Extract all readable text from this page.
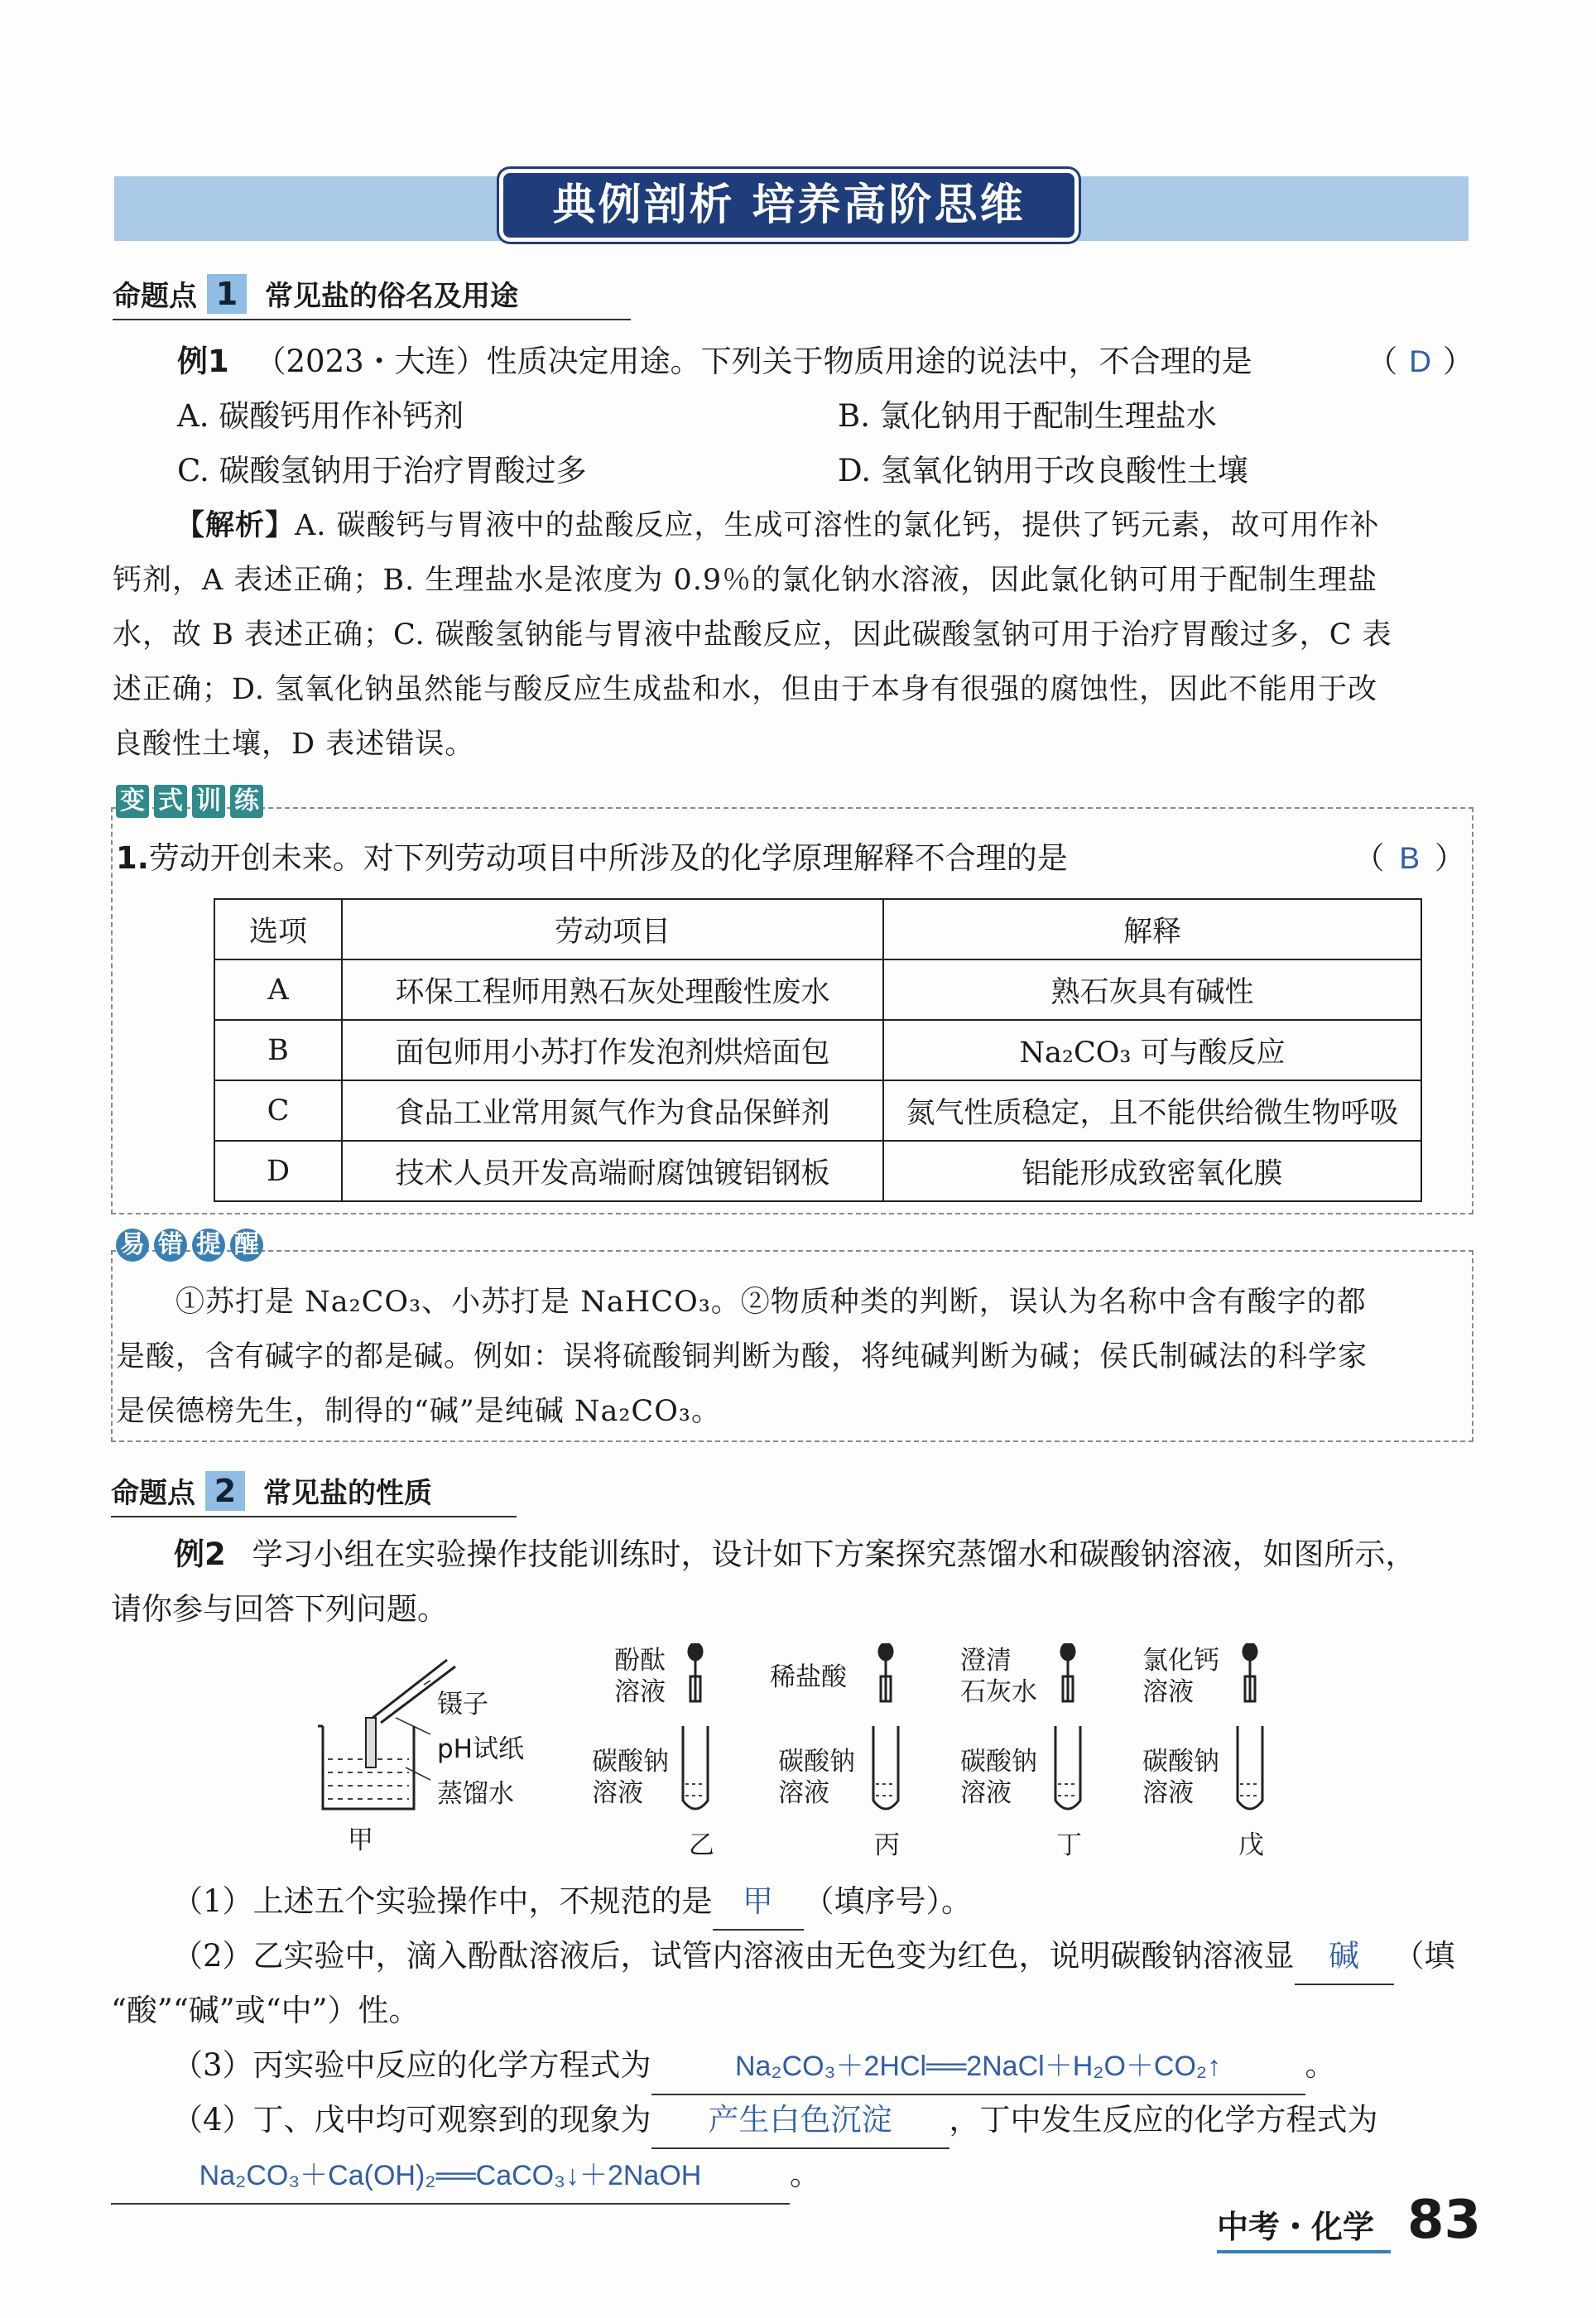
典例剖析 培养高阶思维
命题点 1 常见盐的俗名及用途
例1 （2023・大连）性质决定用途。下列关于物质用途的说法中，不合理的是	（ D ）
A. 碳酸钙用作补钙剂	B. 氯化钠用于配制生理盐水
C. 碳酸氢钠用于治疗胃酸过多	D. 氢氧化钠用于改良酸性土壤
【解析】A. 碳酸钙与胃液中的盐酸反应，生成可溶性的氯化钙，提供了钙元素，故可用作补
钙剂，A 表述正确；B. 生理盐水是浓度为 0.9％的氯化钠水溶液，因此氯化钠可用于配制生理盐
水，故 B 表述正确；C. 碳酸氢钠能与胃液中盐酸反应，因此碳酸氢钠可用于治疗胃酸过多，C 表
述正确；D. 氢氧化钠虽然能与酸反应生成盐和水，但由于本身有很强的腐蚀性，因此不能用于改
良酸性土壤，D 表述错误。
变 式 训 练
1.劳动开创未来。对下列劳动项目中所涉及的化学原理解释不合理的是	（ B ）
选项	劳动项目	解释
A	环保工程师用熟石灰处理酸性废水	熟石灰具有碱性
B	面包师用小苏打作发泡剂烘焙面包	Na₂CO₃ 可与酸反应
C	食品工业常用氮气作为食品保鲜剂	氮气性质稳定，且不能供给微生物呼吸
D	技术人员开发高端耐腐蚀镀铝钢板	铝能形成致密氧化膜
易 错 提 醒
①苏打是 Na₂CO₃、小苏打是 NaHCO₃。②物质种类的判断，误认为名称中含有酸字的都
是酸，含有碱字的都是碱。例如：误将硫酸铜判断为酸，将纯碱判断为碱；侯氏制碱法的科学家
是侯德榜先生，制得的“碱”是纯碱 Na₂CO₃。
命题点 2 常见盐的性质
例2 学习小组在实验操作技能训练时，设计如下方案探究蒸馏水和碳酸钠溶液，如图所示，
请你参与回答下列问题。
镊子
pH试纸
蒸馏水
甲
酚酞
溶液
碳酸钠
溶液
乙
稀盐酸
碳酸钠
溶液
丙
澄清
石灰水
碳酸钠
溶液
丁
氯化钙
溶液
碳酸钠
溶液
戊
（1）上述五个实验操作中，不规范的是 甲 （填序号）。
（2）乙实验中，滴入酚酞溶液后，试管内溶液由无色变为红色，说明碳酸钠溶液显 碱 （填
“酸”“碱”或“中”）性。
（3）丙实验中反应的化学方程式为	Na₂CO₃＋2HCl══2NaCl＋H₂O＋CO₂↑	。
（4）丁、戊中均可观察到的现象为 产生白色沉淀 ，丁中发生反应的化学方程式为
Na₂CO₃＋Ca(OH)₂══CaCO₃↓＋2NaOH	。
中考・化学 83
